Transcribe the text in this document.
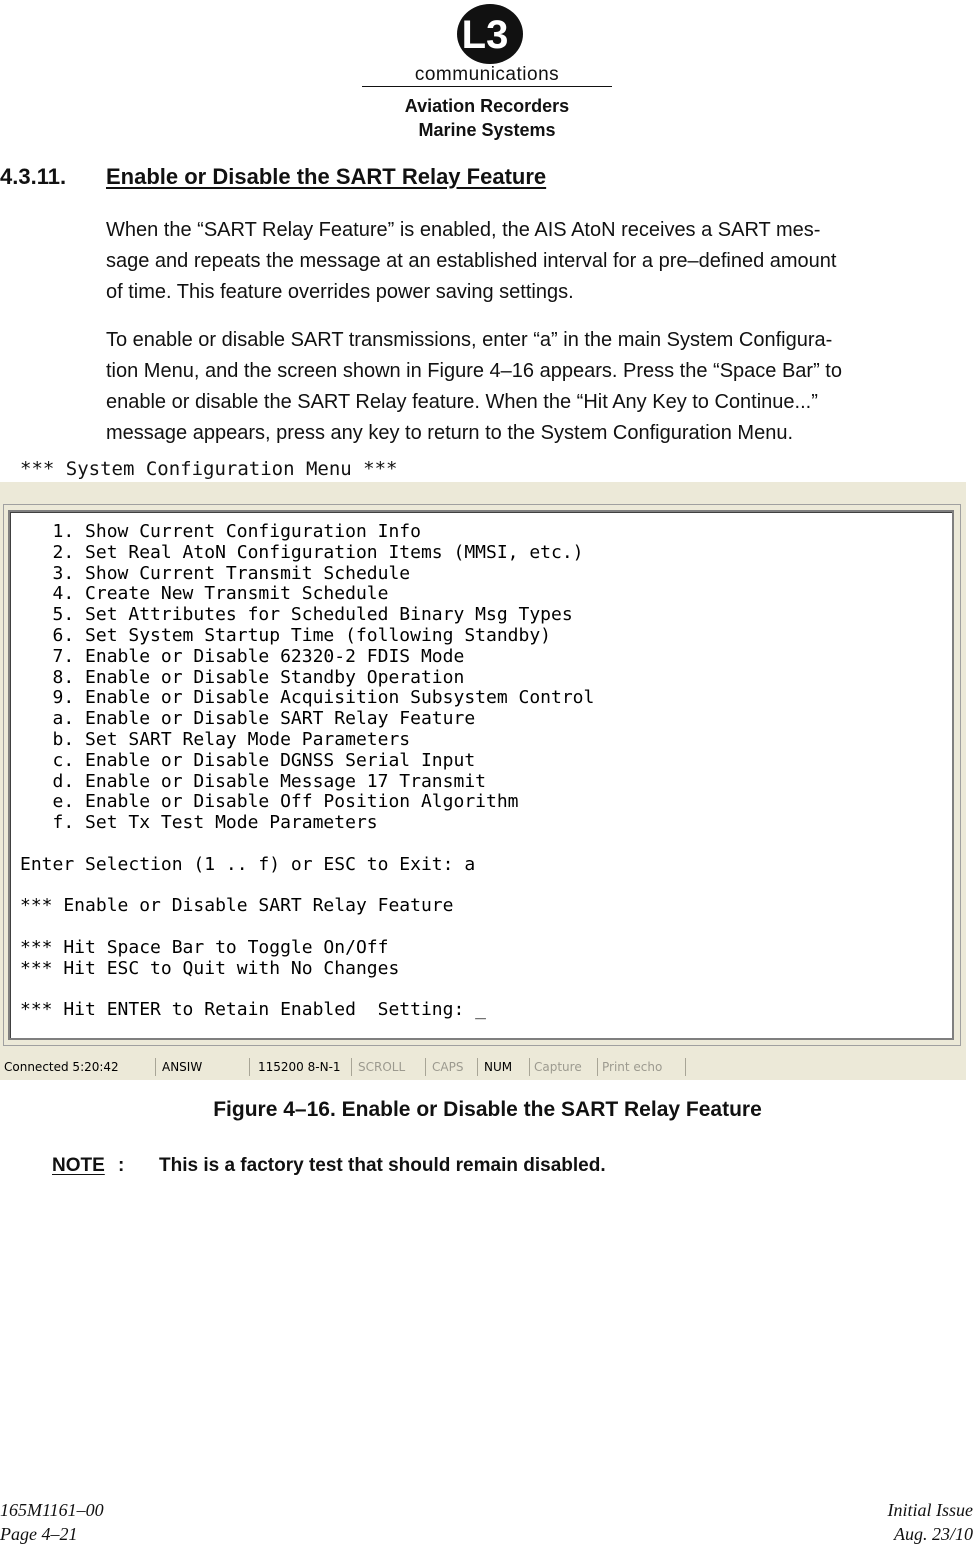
L3
communications
Aviation Recorders
Marine Systems
4.3.11. Enable or Disable the SART Relay Feature
When the “SART Relay Feature” is enabled, the AIS AtoN receives a SART mes-
sage and repeats the message at an established interval for a pre–defined amount
of time. This feature overrides power saving settings.
To enable or disable SART transmissions, enter “a” in the main System Configura-
tion Menu, and the screen shown in Figure 4–16 appears. Press the “Space Bar” to
enable or disable the SART Relay feature. When the “Hit Any Key to Continue...”
message appears, press any key to return to the System Configuration Menu.
*** System Configuration Menu ***
1. Show Current Configuration Info
2. Set Real AtoN Configuration Items (MMSI, etc.)
3. Show Current Transmit Schedule
4. Create New Transmit Schedule
5. Set Attributes for Scheduled Binary Msg Types
6. Set System Startup Time (following Standby)
7. Enable or Disable 62320-2 FDIS Mode
8. Enable or Disable Standby Operation
9. Enable or Disable Acquisition Subsystem Control
a. Enable or Disable SART Relay Feature
b. Set SART Relay Mode Parameters
c. Enable or Disable DGNSS Serial Input
d. Enable or Disable Message 17 Transmit
e. Enable or Disable Off Position Algorithm
f. Set Tx Test Mode Parameters
Enter Selection (1 .. f) or ESC to Exit: a
*** Enable or Disable SART Relay Feature
*** Hit Space Bar to Toggle On/Off
*** Hit ESC to Quit with No Changes
*** Hit ENTER to Retain Enabled  Setting: _
Connected 5:20:42	ANSIW	115200 8-N-1	SCROLL	CAPS	NUM	Capture	Print echo
Figure 4–16. Enable or Disable the SART Relay Feature
NOTE : This is a factory test that should remain disabled.
165M1161–00
Page 4–21
Initial Issue
Aug. 23/10
